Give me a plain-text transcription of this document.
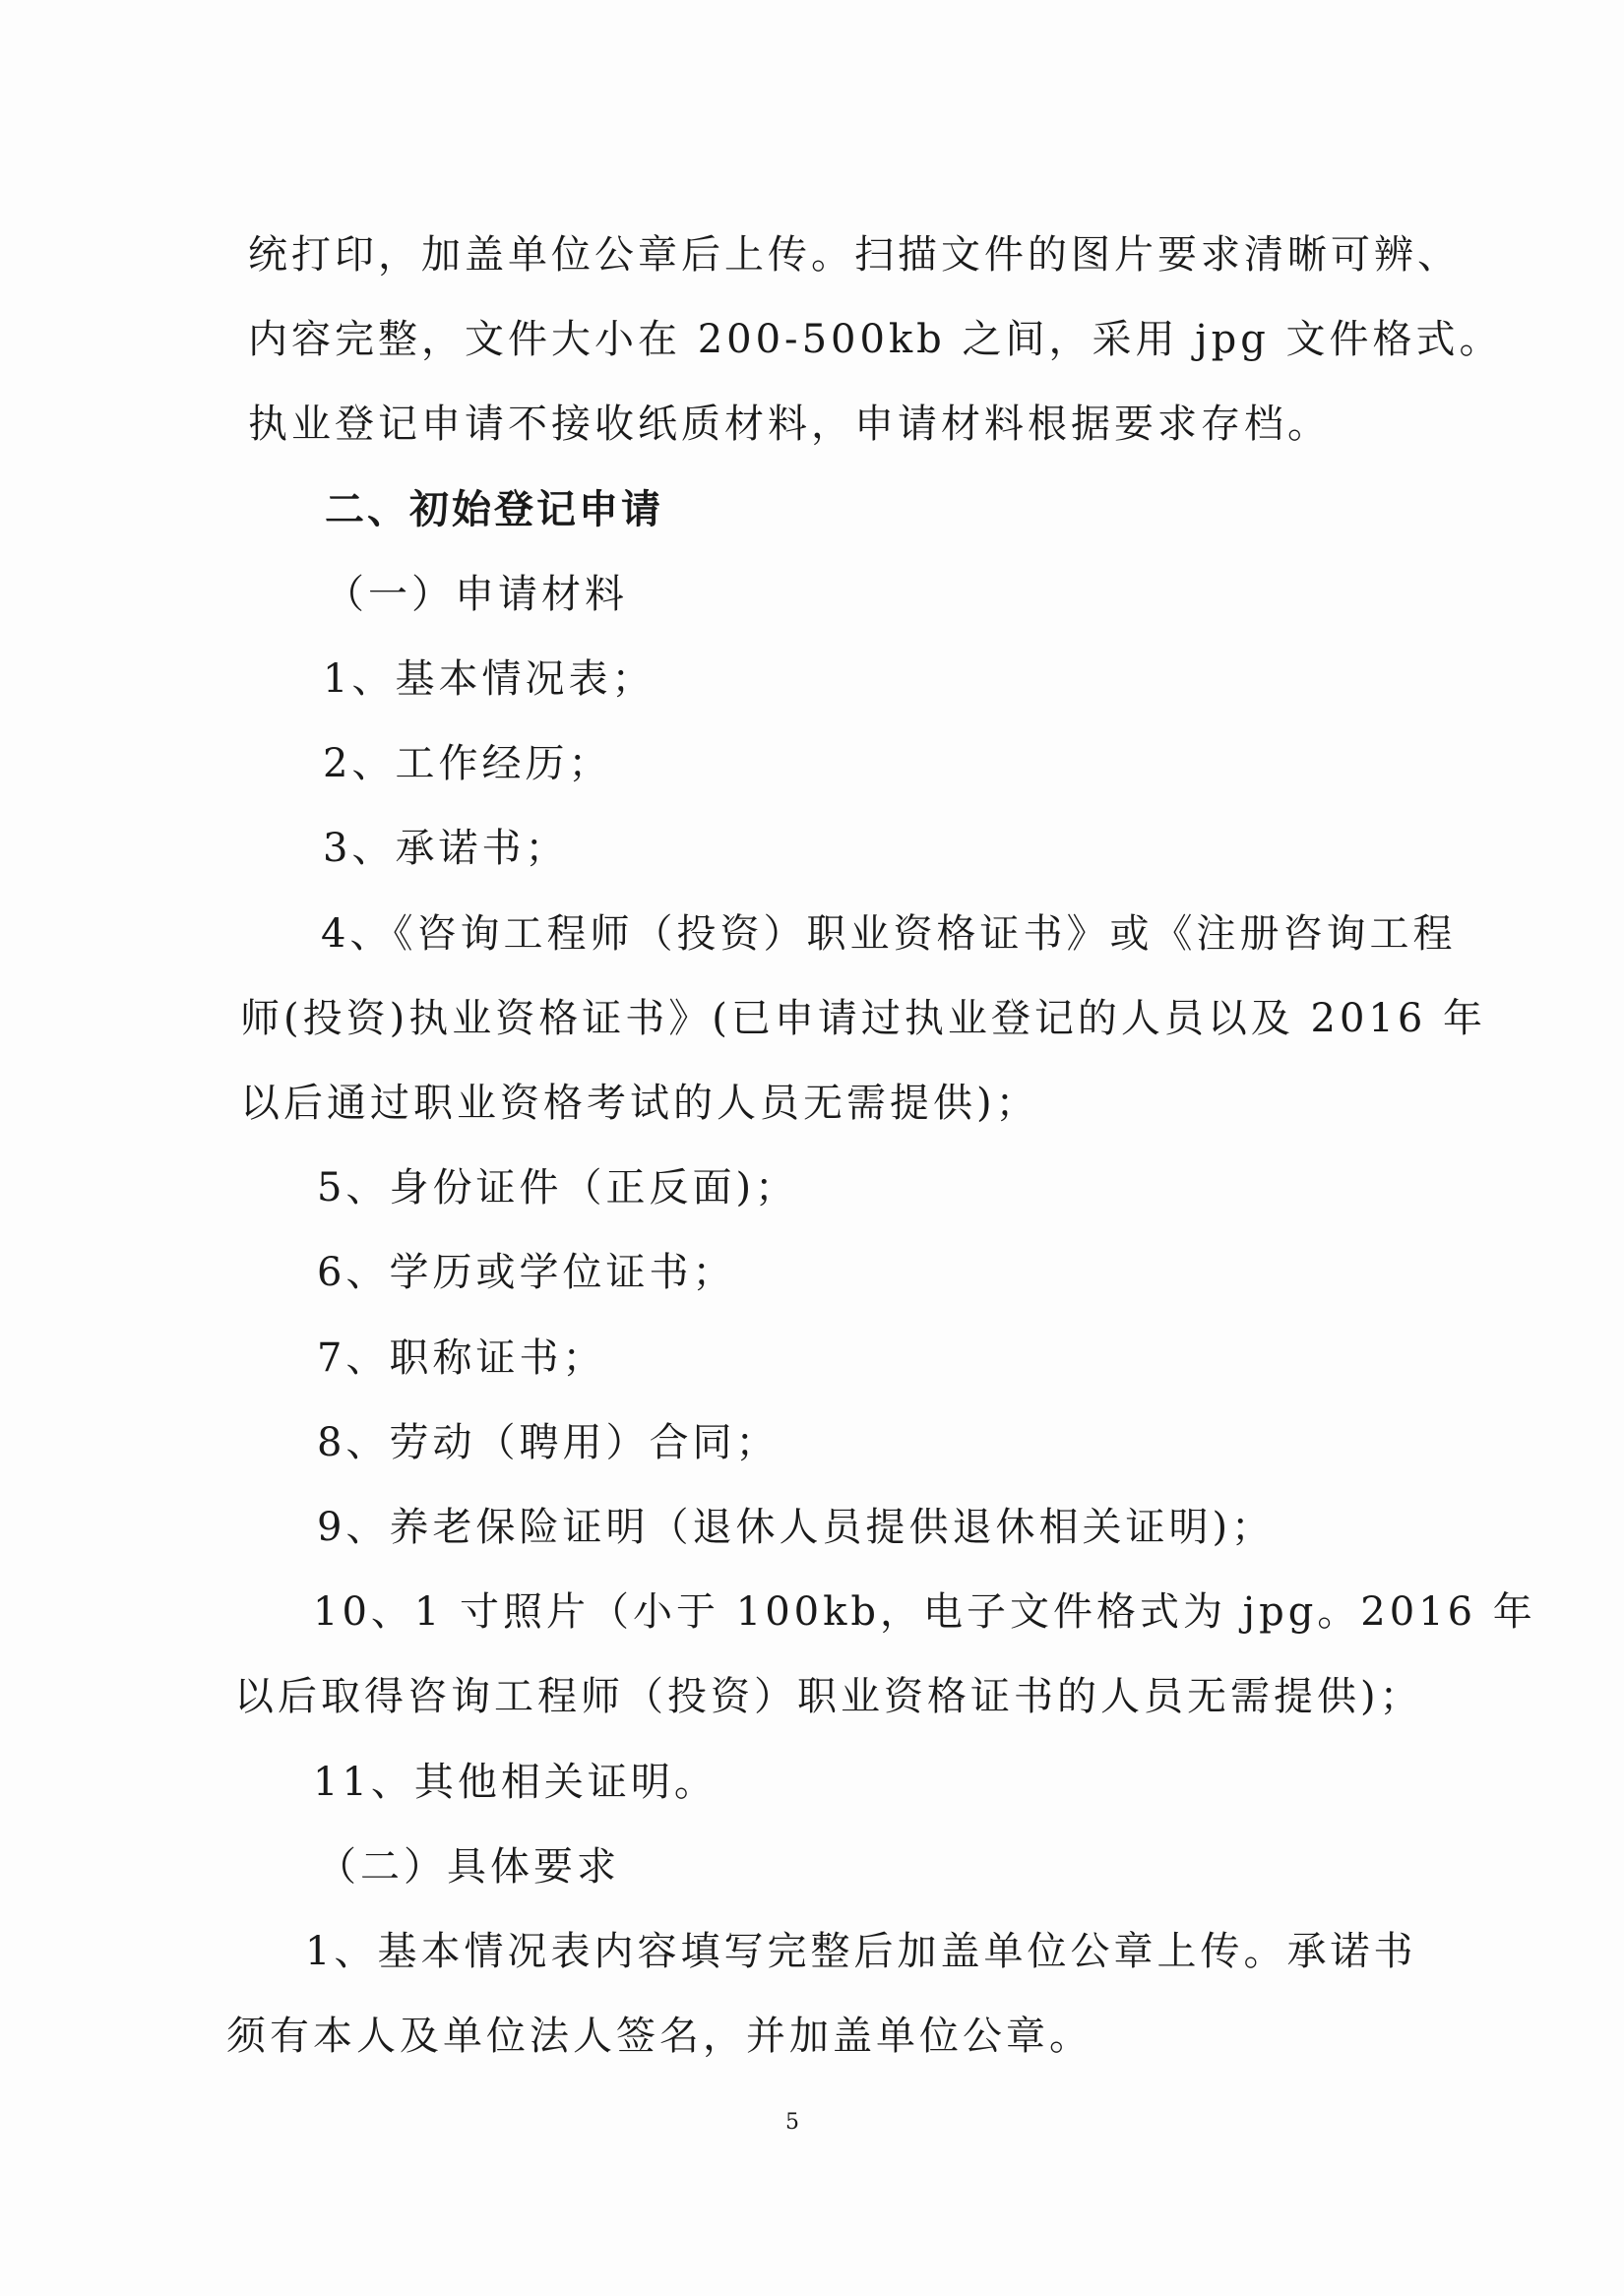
统打印，加盖单位公章后上传。扫描文件的图片要求清晰可辨、
内容完整，文件大小在 200-500kb 之间，采用 jpg 文件格式。
执业登记申请不接收纸质材料，申请材料根据要求存档。
二、初始登记申请
（一）申请材料
1、基本情况表；
2、工作经历；
3、承诺书；
4、《咨询工程师（投资）职业资格证书》或《注册咨询工程
师(投资)执业资格证书》(已申请过执业登记的人员以及 2016 年
以后通过职业资格考试的人员无需提供)；
5、身份证件（正反面)；
6、学历或学位证书；
7、职称证书；
8、劳动（聘用）合同；
9、养老保险证明（退休人员提供退休相关证明)；
10、1 寸照片（小于 100kb，电子文件格式为 jpg。2016 年
以后取得咨询工程师（投资）职业资格证书的人员无需提供)；
11、其他相关证明。
（二）具体要求
1、基本情况表内容填写完整后加盖单位公章上传。承诺书
须有本人及单位法人签名，并加盖单位公章。
5
